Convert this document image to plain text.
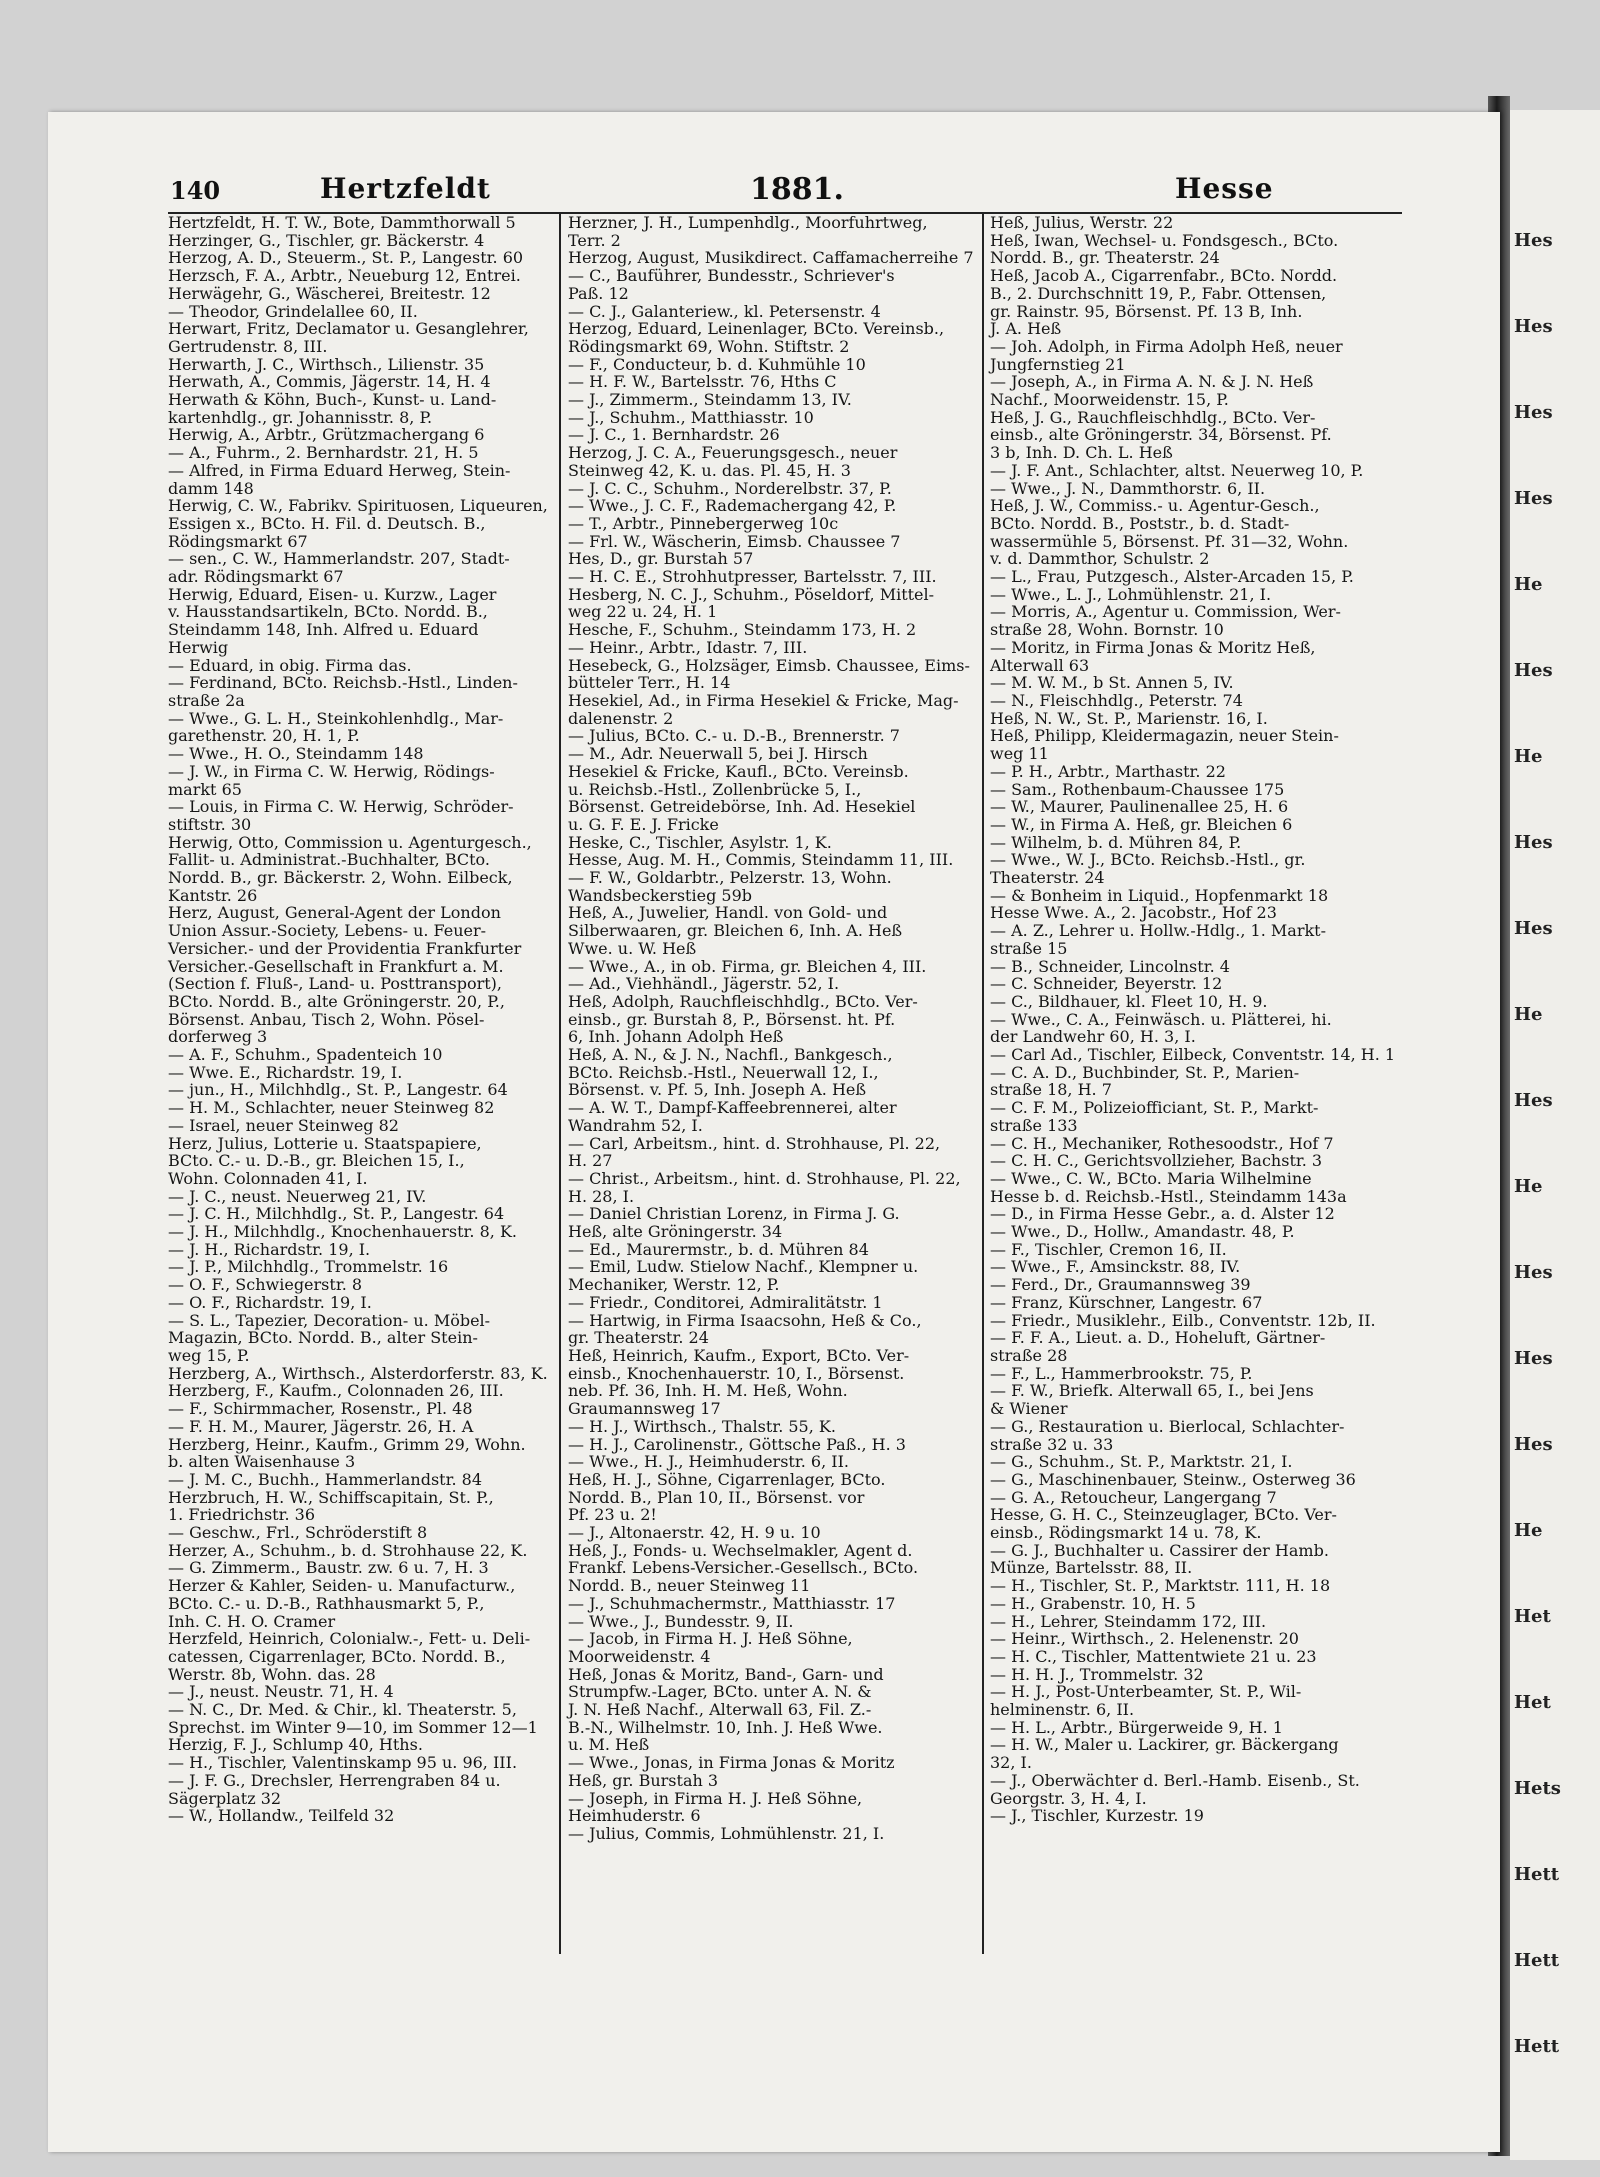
Hes
Hes
Hes
Hes
He
Hes
He
Hes
Hes
He
Hes
He
Hes
Hes
Hes
He
Het
Het
Hets
Hett
Hett
Hett
140	Hertzfeldt	1881.	Hesse

Hertzfeldt, H. T. W., Bote, Dammthorwall 5

Herzinger, G., Tischler, gr. Bäckerstr. 4

Herzog, A. D., Steuerm., St. P., Langestr. 60

Herzsch, F. A., Arbtr., Neueburg 12, Entrei.

Herwägehr, G., Wäscherei, Breitestr. 12

— Theodor, Grindelallee 60, II.

Herwart, Fritz, Declamator u. Gesanglehrer,

Gertrudenstr. 8, III.

Herwarth, J. C., Wirthsch., Lilienstr. 35

Herwath, A., Commis, Jägerstr. 14, H. 4

Herwath & Köhn, Buch-, Kunst- u. Land-

kartenhdlg., gr. Johannisstr. 8, P.

Herwig, A., Arbtr., Grützmachergang 6

— A., Fuhrm., 2. Bernhardstr. 21, H. 5

— Alfred, in Firma Eduard Herweg, Stein-

damm 148

Herwig, C. W., Fabrikv. Spirituosen, Liqueuren,

Essigen x., BCto. H. Fil. d. Deutsch. B.,

Rödingsmarkt 67

— sen., C. W., Hammerlandstr. 207, Stadt-

adr. Rödingsmarkt 67

Herwig, Eduard, Eisen- u. Kurzw., Lager

v. Hausstandsartikeln, BCto. Nordd. B.,

Steindamm 148, Inh. Alfred u. Eduard

Herwig

— Eduard, in obig. Firma das.

— Ferdinand, BCto. Reichsb.-Hstl., Linden-

straße 2a

— Wwe., G. L. H., Steinkohlenhdlg., Mar-

garethenstr. 20, H. 1, P.

— Wwe., H. O., Steindamm 148

— J. W., in Firma C. W. Herwig, Rödings-

markt 65

— Louis, in Firma C. W. Herwig, Schröder-

stiftstr. 30

Herwig, Otto, Commission u. Agenturgesch.,

Fallit- u. Administrat.-Buchhalter, BCto.

Nordd. B., gr. Bäckerstr. 2, Wohn. Eilbeck,

Kantstr. 26

Herz, August, General-Agent der London

Union Assur.-Society, Lebens- u. Feuer-

Versicher.- und der Providentia Frankfurter

Versicher.-Gesellschaft in Frankfurt a. M.

(Section f. Fluß-, Land- u. Posttransport),

BCto. Nordd. B., alte Gröningerstr. 20, P.,

Börsenst. Anbau, Tisch 2, Wohn. Pösel-

dorferweg 3

— A. F., Schuhm., Spadenteich 10

— Wwe. E., Richardstr. 19, I.

— jun., H., Milchhdlg., St. P., Langestr. 64

— H. M., Schlachter, neuer Steinweg 82

— Israel, neuer Steinweg 82

Herz, Julius, Lotterie u. Staatspapiere,

BCto. C.- u. D.-B., gr. Bleichen 15, I.,

Wohn. Colonnaden 41, I.

— J. C., neust. Neuerweg 21, IV.

— J. C. H., Milchhdlg., St. P., Langestr. 64

— J. H., Milchhdlg., Knochenhauerstr. 8, K.

— J. H., Richardstr. 19, I.

— J. P., Milchhdlg., Trommelstr. 16

— O. F., Schwiegerstr. 8

— O. F., Richardstr. 19, I.

— S. L., Tapezier, Decoration- u. Möbel-

Magazin, BCto. Nordd. B., alter Stein-

weg 15, P.

Herzberg, A., Wirthsch., Alsterdorferstr. 83, K.

Herzberg, F., Kaufm., Colonnaden 26, III.

— F., Schirmmacher, Rosenstr., Pl. 48

— F. H. M., Maurer, Jägerstr. 26, H. A

Herzberg, Heinr., Kaufm., Grimm 29, Wohn.

b. alten Waisenhause 3

— J. M. C., Buchh., Hammerlandstr. 84

Herzbruch, H. W., Schiffscapitain, St. P.,

1. Friedrichstr. 36

— Geschw., Frl., Schröderstift 8

Herzer, A., Schuhm., b. d. Strohhause 22, K.

— G. Zimmerm., Baustr. zw. 6 u. 7, H. 3

Herzer & Kahler, Seiden- u. Manufacturw.,

BCto. C.- u. D.-B., Rathhausmarkt 5, P.,

Inh. C. H. O. Cramer

Herzfeld, Heinrich, Colonialw.-, Fett- u. Deli-

catessen, Cigarrenlager, BCto. Nordd. B.,

Werstr. 8b, Wohn. das. 28

— J., neust. Neustr. 71, H. 4

— N. C., Dr. Med. & Chir., kl. Theaterstr. 5,

Sprechst. im Winter 9—10, im Sommer 12—1

Herzig, F. J., Schlump 40, Hths.

— H., Tischler, Valentinskamp 95 u. 96, III.

— J. F. G., Drechsler, Herrengraben 84 u.

Sägerplatz 32

— W., Hollandw., Teilfeld 32

Herzner, J. H., Lumpenhdlg., Moorfuhrtweg,

Terr. 2

Herzog, August, Musikdirect. Caffamacherreihe 7

— C., Bauführer, Bundesstr., Schriever's

Paß. 12

— C. J., Galanteriew., kl. Petersenstr. 4

Herzog, Eduard, Leinenlager, BCto. Vereinsb.,

Rödingsmarkt 69, Wohn. Stiftstr. 2

— F., Conducteur, b. d. Kuhmühle 10

— H. F. W., Bartelsstr. 76, Hths C

— J., Zimmerm., Steindamm 13, IV.

— J., Schuhm., Matthiasstr. 10

— J. C., 1. Bernhardstr. 26

Herzog, J. C. A., Feuerungsgesch., neuer

Steinweg 42, K. u. das. Pl. 45, H. 3

— J. C. C., Schuhm., Norderelbstr. 37, P.

— Wwe., J. C. F., Rademachergang 42, P.

— T., Arbtr., Pinnebergerweg 10c

— Frl. W., Wäscherin, Eimsb. Chaussee 7

Hes, D., gr. Burstah 57

— H. C. E., Strohhutpresser, Bartelsstr. 7, III.

Hesberg, N. C. J., Schuhm., Pöseldorf, Mittel-

weg 22 u. 24, H. 1

Hesche, F., Schuhm., Steindamm 173, H. 2

— Heinr., Arbtr., Idastr. 7, III.

Hesebeck, G., Holzsäger, Eimsb. Chaussee, Eims-

bütteler Terr., H. 14

Hesekiel, Ad., in Firma Hesekiel & Fricke, Mag-

dalenenstr. 2

— Julius, BCto. C.- u. D.-B., Brennerstr. 7

— M., Adr. Neuerwall 5, bei J. Hirsch

Hesekiel & Fricke, Kaufl., BCto. Vereinsb.

u. Reichsb.-Hstl., Zollenbrücke 5, I.,

Börsenst. Getreidebörse, Inh. Ad. Hesekiel

u. G. F. E. J. Fricke

Heske, C., Tischler, Asylstr. 1, K.

Hesse, Aug. M. H., Commis, Steindamm 11, III.

— F. W., Goldarbtr., Pelzerstr. 13, Wohn.

Wandsbeckerstieg 59b

Heß, A., Juwelier, Handl. von Gold- und

Silberwaaren, gr. Bleichen 6, Inh. A. Heß

Wwe. u. W. Heß

— Wwe., A., in ob. Firma, gr. Bleichen 4, III.

— Ad., Viehhändl., Jägerstr. 52, I.

Heß, Adolph, Rauchfleischhdlg., BCto. Ver-

einsb., gr. Burstah 8, P., Börsenst. ht. Pf.

6, Inh. Johann Adolph Heß

Heß, A. N., & J. N., Nachfl., Bankgesch.,

BCto. Reichsb.-Hstl., Neuerwall 12, I.,

Börsenst. v. Pf. 5, Inh. Joseph A. Heß

— A. W. T., Dampf-Kaffeebrennerei, alter

Wandrahm 52, I.

— Carl, Arbeitsm., hint. d. Strohhause, Pl. 22,

H. 27

— Christ., Arbeitsm., hint. d. Strohhause, Pl. 22,

H. 28, I.

— Daniel Christian Lorenz, in Firma J. G.

Heß, alte Gröningerstr. 34

— Ed., Maurermstr., b. d. Mühren 84

— Emil, Ludw. Stielow Nachf., Klempner u.

Mechaniker, Werstr. 12, P.

— Friedr., Conditorei, Admiralitätstr. 1

— Hartwig, in Firma Isaacsohn, Heß & Co.,

gr. Theaterstr. 24

Heß, Heinrich, Kaufm., Export, BCto. Ver-

einsb., Knochenhauerstr. 10, I., Börsenst.

neb. Pf. 36, Inh. H. M. Heß, Wohn.

Graumannsweg 17

— H. J., Wirthsch., Thalstr. 55, K.

— H. J., Carolinenstr., Göttsche Paß., H. 3

— Wwe., H. J., Heimhuderstr. 6, II.

Heß, H. J., Söhne, Cigarrenlager, BCto.

Nordd. B., Plan 10, II., Börsenst. vor

Pf. 23 u. 2!

— J., Altonaerstr. 42, H. 9 u. 10

Heß, J., Fonds- u. Wechselmakler, Agent d.

Frankf. Lebens-Versicher.-Gesellsch., BCto.

Nordd. B., neuer Steinweg 11

— J., Schuhmachermstr., Matthiasstr. 17

— Wwe., J., Bundesstr. 9, II.

— Jacob, in Firma H. J. Heß Söhne,

Moorweidenstr. 4

Heß, Jonas & Moritz, Band-, Garn- und

Strumpfw.-Lager, BCto. unter A. N. &

J. N. Heß Nachf., Alterwall 63, Fil. Z.-

B.-N., Wilhelmstr. 10, Inh. J. Heß Wwe.

u. M. Heß

— Wwe., Jonas, in Firma Jonas & Moritz

Heß, gr. Burstah 3

— Joseph, in Firma H. J. Heß Söhne,

Heimhuderstr. 6

— Julius, Commis, Lohmühlenstr. 21, I.

Heß, Julius, Werstr. 22

Heß, Iwan, Wechsel- u. Fondsgesch., BCto.

Nordd. B., gr. Theaterstr. 24

Heß, Jacob A., Cigarrenfabr., BCto. Nordd.

B., 2. Durchschnitt 19, P., Fabr. Ottensen,

gr. Rainstr. 95, Börsenst. Pf. 13 B, Inh.

J. A. Heß

— Joh. Adolph, in Firma Adolph Heß, neuer

Jungfernstieg 21

— Joseph, A., in Firma A. N. & J. N. Heß

Nachf., Moorweidenstr. 15, P.

Heß, J. G., Rauchfleischhdlg., BCto. Ver-

einsb., alte Gröningerstr. 34, Börsenst. Pf.

3 b, Inh. D. Ch. L. Heß

— J. F. Ant., Schlachter, altst. Neuerweg 10, P.

— Wwe., J. N., Dammthorstr. 6, II.

Heß, J. W., Commiss.- u. Agentur-Gesch.,

BCto. Nordd. B., Poststr., b. d. Stadt-

wassermühle 5, Börsenst. Pf. 31—32, Wohn.

v. d. Dammthor, Schulstr. 2

— L., Frau, Putzgesch., Alster-Arcaden 15, P.

— Wwe., L. J., Lohmühlenstr. 21, I.

— Morris, A., Agentur u. Commission, Wer-

straße 28, Wohn. Bornstr. 10

— Moritz, in Firma Jonas & Moritz Heß,

Alterwall 63

— M. W. M., b St. Annen 5, IV.

— N., Fleischhdlg., Peterstr. 74

Heß, N. W., St. P., Marienstr. 16, I.

Heß, Philipp, Kleidermagazin, neuer Stein-

weg 11

— P. H., Arbtr., Marthastr. 22

— Sam., Rothenbaum-Chaussee 175

— W., Maurer, Paulinenallee 25, H. 6

— W., in Firma A. Heß, gr. Bleichen 6

— Wilhelm, b. d. Mühren 84, P.

— Wwe., W. J., BCto. Reichsb.-Hstl., gr.

Theaterstr. 24

— & Bonheim in Liquid., Hopfenmarkt 18

Hesse Wwe. A., 2. Jacobstr., Hof 23

— A. Z., Lehrer u. Hollw.-Hdlg., 1. Markt-

straße 15

— B., Schneider, Lincolnstr. 4

— C. Schneider, Beyerstr. 12

— C., Bildhauer, kl. Fleet 10, H. 9.

— Wwe., C. A., Feinwäsch. u. Plätterei, hi.

der Landwehr 60, H. 3, I.

— Carl Ad., Tischler, Eilbeck, Conventstr. 14, H. 1

— C. A. D., Buchbinder, St. P., Marien-

straße 18, H. 7

— C. F. M., Polizeiofficiant, St. P., Markt-

straße 133

— C. H., Mechaniker, Rothesoodstr., Hof 7

— C. H. C., Gerichtsvollzieher, Bachstr. 3

— Wwe., C. W., BCto. Maria Wilhelmine

Hesse b. d. Reichsb.-Hstl., Steindamm 143a

— D., in Firma Hesse Gebr., a. d. Alster 12

— Wwe., D., Hollw., Amandastr. 48, P.

— F., Tischler, Cremon 16, II.

— Wwe., F., Amsinckstr. 88, IV.

— Ferd., Dr., Graumannsweg 39

— Franz, Kürschner, Langestr. 67

— Friedr., Musiklehr., Eilb., Conventstr. 12b, II.

— F. F. A., Lieut. a. D., Hoheluft, Gärtner-

straße 28

— F., L., Hammerbrookstr. 75, P.

— F. W., Briefk. Alterwall 65, I., bei Jens

& Wiener

— G., Restauration u. Bierlocal, Schlachter-

straße 32 u. 33

— G., Schuhm., St. P., Marktstr. 21, I.

— G., Maschinenbauer, Steinw., Osterweg 36

— G. A., Retoucheur, Langergang 7

Hesse, G. H. C., Steinzeuglager, BCto. Ver-

einsb., Rödingsmarkt 14 u. 78, K.

— G. J., Buchhalter u. Cassirer der Hamb.

Münze, Bartelsstr. 88, II.

— H., Tischler, St. P., Marktstr. 111, H. 18

— H., Grabenstr. 10, H. 5

— H., Lehrer, Steindamm 172, III.

— Heinr., Wirthsch., 2. Helenenstr. 20

— H. C., Tischler, Mattentwiete 21 u. 23

— H. H. J., Trommelstr. 32

— H. J., Post-Unterbeamter, St. P., Wil-

helminenstr. 6, II.

— H. L., Arbtr., Bürgerweide 9, H. 1

— H. W., Maler u. Lackirer, gr. Bäckergang

32, I.

— J., Oberwächter d. Berl.-Hamb. Eisenb., St.

Georgstr. 3, H. 4, I.

— J., Tischler, Kurzestr. 19
